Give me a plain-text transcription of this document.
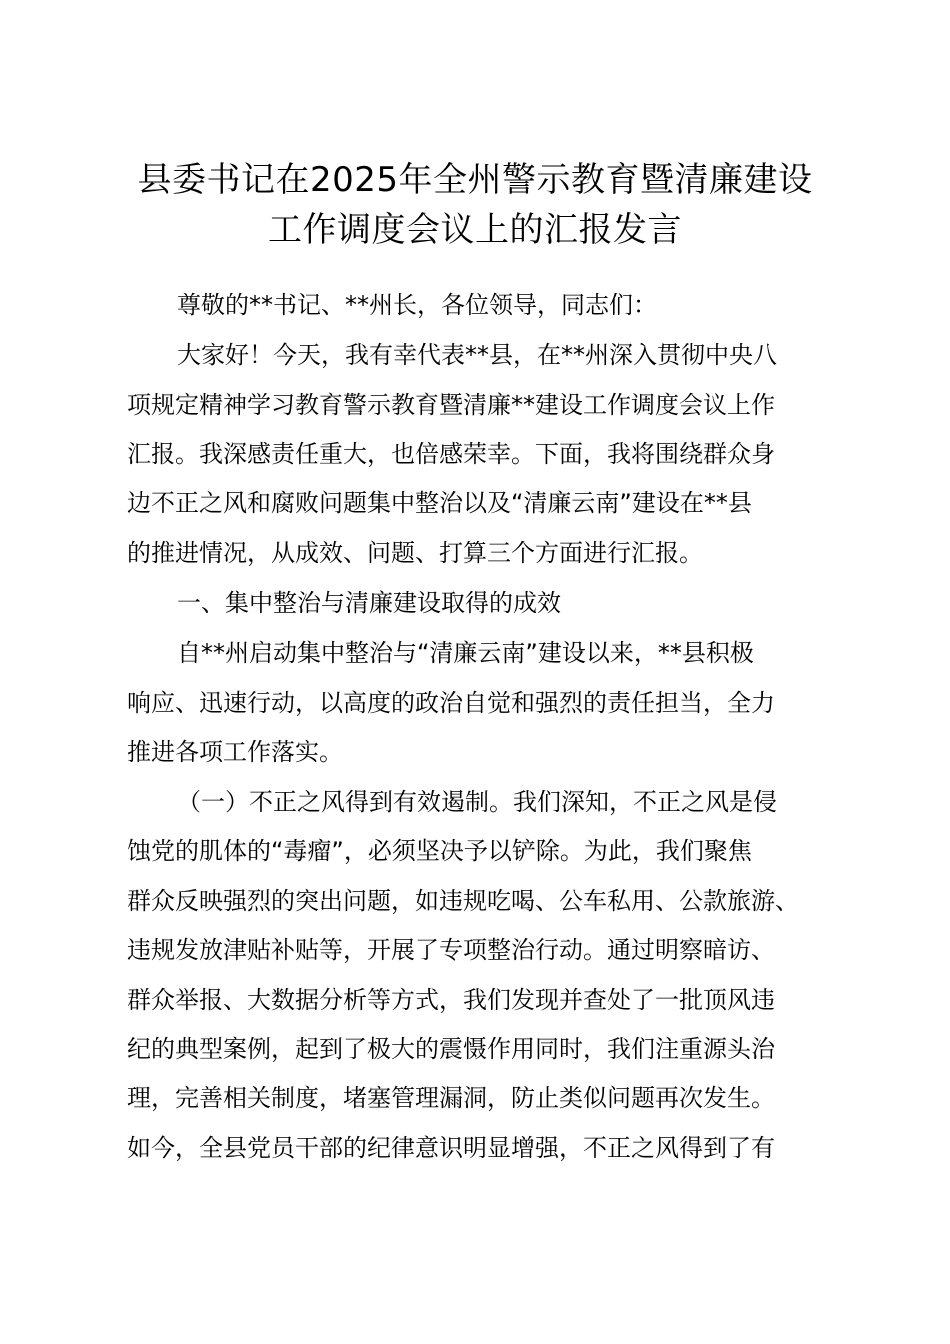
县委书记在2025年全州警示教育暨清廉建设
工作调度会议上的汇报发言

尊敬的**书记、**州长，各位领导，同志们：

大家好！今天，我有幸代表**县，在**州深入贯彻中央八

项规定精神学习教育警示教育暨清廉**建设工作调度会议上作

汇报。我深感责任重大，也倍感荣幸。下面，我将围绕群众身

边不正之风和腐败问题集中整治以及“清廉云南”建设在**县

的推进情况，从成效、问题、打算三个方面进行汇报。

一、集中整治与清廉建设取得的成效

自**州启动集中整治与“清廉云南”建设以来，**县积极

响应、迅速行动，以高度的政治自觉和强烈的责任担当，全力

推进各项工作落实。

（一）不正之风得到有效遏制。我们深知，不正之风是侵

蚀党的肌体的“毒瘤”，必须坚决予以铲除。为此，我们聚焦

群众反映强烈的突出问题，如违规吃喝、公车私用、公款旅游、

违规发放津贴补贴等，开展了专项整治行动。通过明察暗访、

群众举报、大数据分析等方式，我们发现并查处了一批顶风违

纪的典型案例，起到了极大的震慑作用同时，我们注重源头治

理，完善相关制度，堵塞管理漏洞，防止类似问题再次发生。

如今，全县党员干部的纪律意识明显增强，不正之风得到了有
